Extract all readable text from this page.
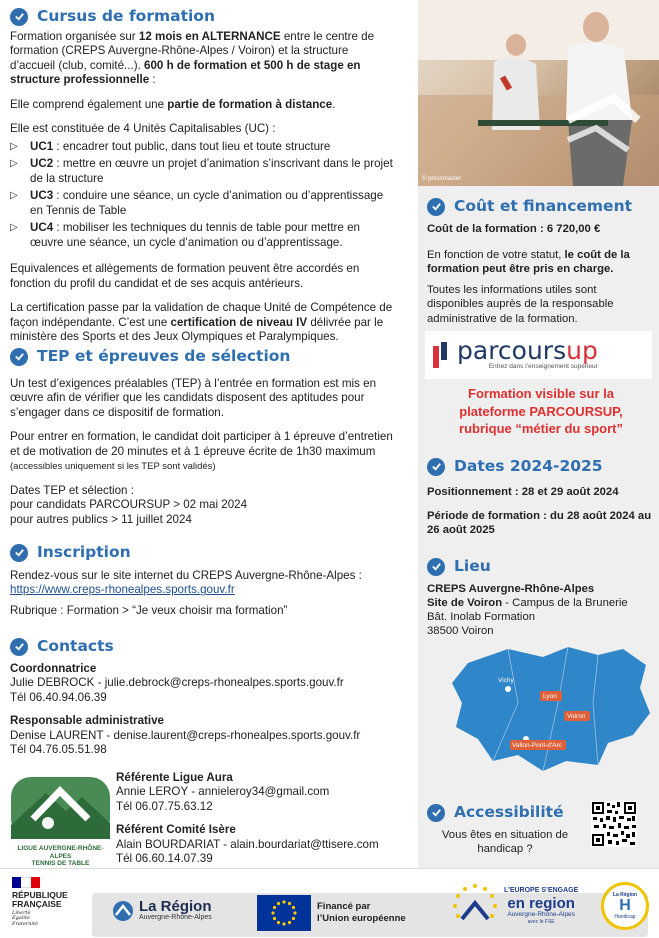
© pressmaster
Cursus de formation

Formation organisée sur 12 mois en ALTERNANCE entre le centre de formation (CREPS Auvergne-Rhône-Alpes / Voiron) et la structure d’accueil (club, comité...). 600 h de formation et 500 h de stage en structure professionnelle :

Elle comprend également une partie de formation à distance.

Elle est constituée de 4 Unités Capitalisables (UC) :

▷	UC1 : encadrer tout public, dans tout lieu et toute structure
▷	UC2 : mettre en œuvre un projet d’animation s’inscrivant dans le projet de la structure
▷	UC3 : conduire une séance, un cycle d’animation ou d’apprentissage en Tennis de Table
▷	UC4 : mobiliser les techniques du tennis de table pour mettre en œuvre une séance, un cycle d’animation ou d’apprentissage.

Equivalences et allègements de formation peuvent être accordés en fonction du profil du candidat et de ses acquis antérieurs.

La certification passe par la validation de chaque Unité de Compétence de façon indépendante. C’est une certification de niveau IV délivrée par le ministère des Sports et des Jeux Olympiques et Paralympiques.

TEP et épreuves de sélection

Un test d’exigences préalables (TEP) à l’entrée en formation est mis en œuvre afin de vérifier que les candidats disposent des aptitudes pour s’engager dans ce dispositif de formation.

Pour entrer en formation, le candidat doit participer à 1 épreuve d’entretien et de motivation de 20 minutes et à 1 épreuve écrite de 1h30 maximum (accessibles uniquement si les TEP sont validés)

Dates TEP et sélection :

pour candidats PARCOURSUP > 02 mai 2024

pour autres publics > 11 juillet 2024

Inscription

Rendez-vous sur le site internet du CREPS Auvergne-Rhône-Alpes :

https://www.creps-rhonealpes.sports.gouv.fr

Rubrique : Formation > “Je veux choisir ma formation”

Contacts

Coordonnatrice

Julie DEBROCK - julie.debrock@creps-rhonealpes.sports.gouv.fr

Tél 06.40.94.06.39

Responsable administrative

Denise LAURENT - denise.laurent@creps-rhonealpes.sports.gouv.fr

Tél 04.76.05.51.98

LIGUE AUVERGNE-RHÔNE-ALPES
TENNIS DE TABLE

Référente Ligue Aura

Annie LEROY - annieleroy34@gmail.com

Tél 06.07.75.63.12

Référent Comité Isère

Alain BOURDARIAT - alain.bourdariat@ttisere.com

Tél 06.60.14.07.39

Coût et financement

Coût de la formation : 6 720,00 €

En fonction de votre statut, le coût de la formation peut être pris en charge.

Toutes les informations utiles sont disponibles auprès de la responsable administrative de la formation.

parcoursup
Entrez dans l’enseignement supérieur
Formation visible sur la plateforme PARCOURSUP, rubrique “métier du sport”
Dates 2024-2025

Positionnement : 28 et 29 août 2024

Période de formation : du 28 août 2024 au 26 août 2025

Lieu

CREPS Auvergne-Rhône-Alpes

Site de Voiron - Campus de la Brunerie

Bât. Inolab Formation

38500 Voiron

Vichy
Lyon
Voiron
Vallon-Pont-d'Arc
Accessibilité
Vous êtes en situation de handicap ?
RÉPUBLIQUE
FRANÇAISE
Liberté
Égalité
Fraternité
La Région
Auvergne-Rhône-Alpes
Financé par
l’Union européenne
L’EUROPE S’ENGAGE
en region
Auvergne-Rhône-Alpes
avec le FSE
La Région
H
Handicap
